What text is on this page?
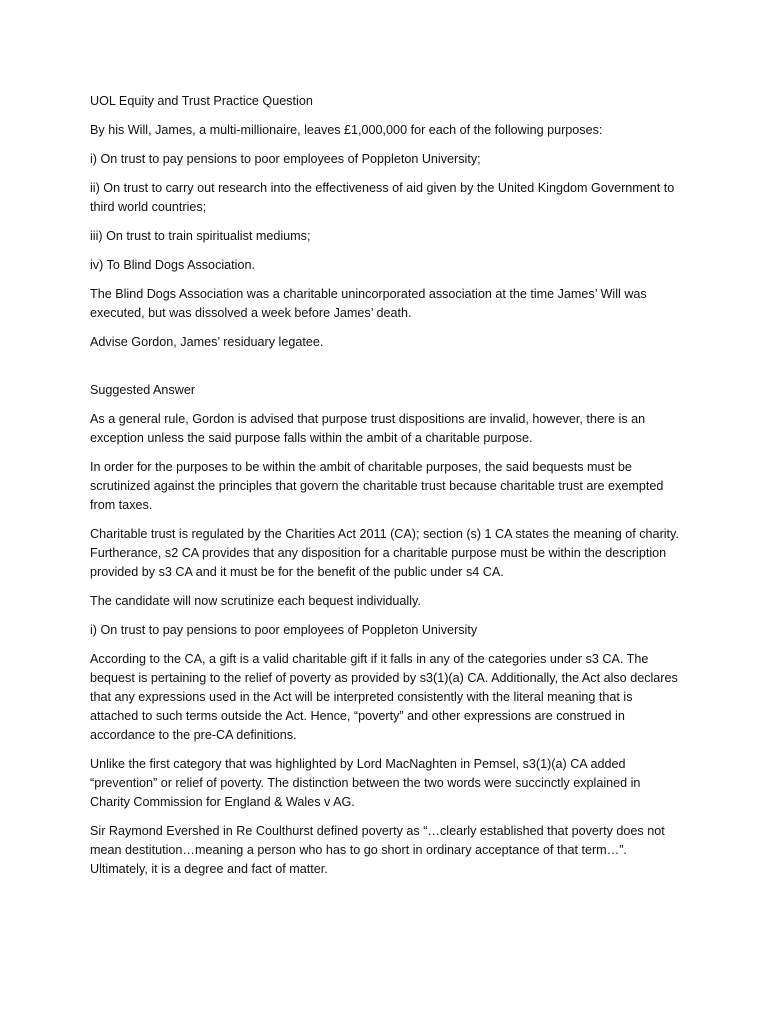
UOL Equity and Trust Practice Question

By his Will, James, a multi-millionaire, leaves £1,000,000 for each of the following purposes:

i) On trust to pay pensions to poor employees of Poppleton University;

ii) On trust to carry out research into the effectiveness of aid given by the United Kingdom Government to third world countries;

iii) On trust to train spiritualist mediums;

iv) To Blind Dogs Association.

The Blind Dogs Association was a charitable unincorporated association at the time James’ Will was executed, but was dissolved a week before James’ death.

Advise Gordon, James’ residuary legatee.

Suggested Answer

As a general rule, Gordon is advised that purpose trust dispositions are invalid, however, there is an exception unless the said purpose falls within the ambit of a charitable purpose.

In order for the purposes to be within the ambit of charitable purposes, the said bequests must be scrutinized against the principles that govern the charitable trust because charitable trust are exempted from taxes.

Charitable trust is regulated by the Charities Act 2011 (CA); section (s) 1 CA states the meaning of charity. Furtherance, s2 CA provides that any disposition for a charitable purpose must be within the description provided by s3 CA and it must be for the benefit of the public under s4 CA.

The candidate will now scrutinize each bequest individually.

i) On trust to pay pensions to poor employees of Poppleton University

According to the CA, a gift is a valid charitable gift if it falls in any of the categories under s3 CA. The bequest is pertaining to the relief of poverty as provided by s3(1)(a) CA. Additionally, the Act also declares that any expressions used in the Act will be interpreted consistently with the literal meaning that is attached to such terms outside the Act. Hence, “poverty” and other expressions are construed in accordance to the pre-CA definitions.

Unlike the first category that was highlighted by Lord MacNaghten in Pemsel, s3(1)(a) CA added “prevention” or relief of poverty. The distinction between the two words were succinctly explained in Charity Commission for England & Wales v AG.

Sir Raymond Evershed in Re Coulthurst defined poverty as “…clearly established that poverty does not mean destitution…meaning a person who has to go short in ordinary acceptance of that term…”. Ultimately, it is a degree and fact of matter.
